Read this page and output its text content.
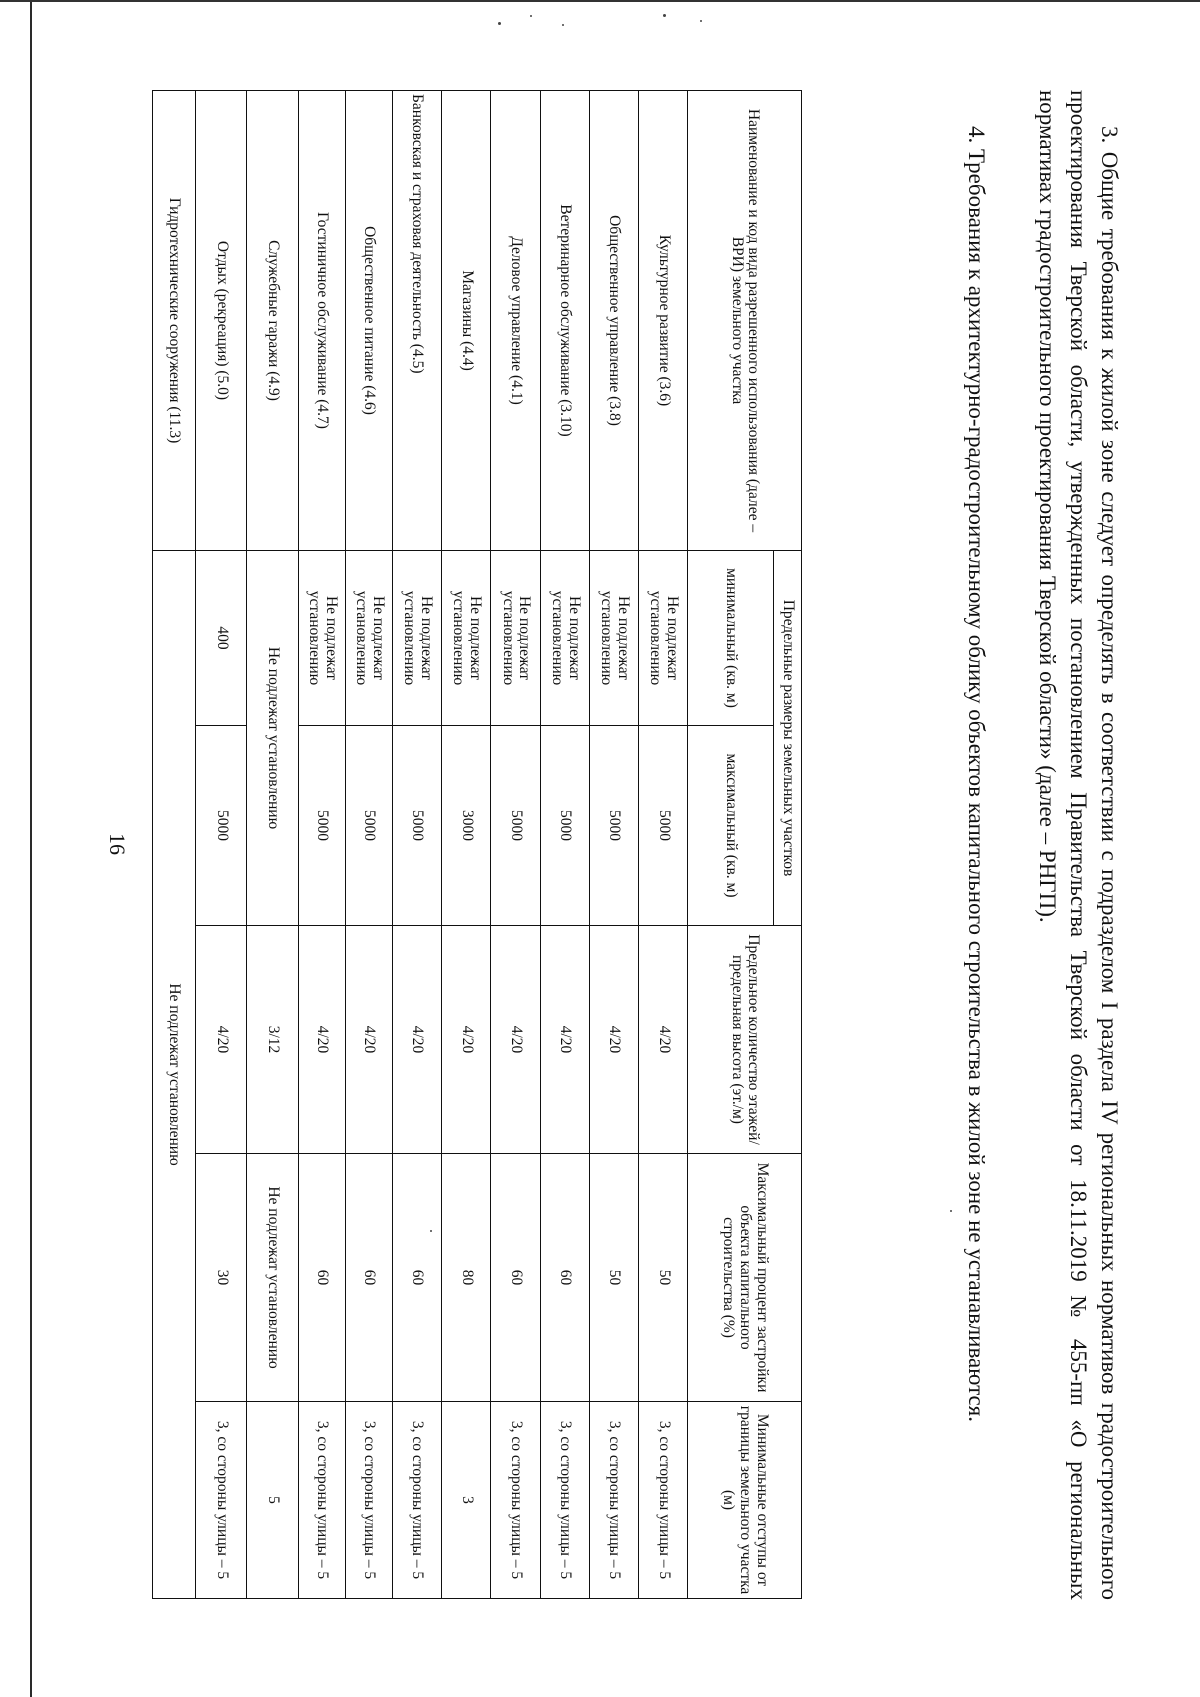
16
Наименование и код вида разрешенного использования (далее – ВРИ) земельного участка	Предельные размеры земельных участков		Предельное количество этажей/ предельная высота (эт./м)	Максимальный процент застройки объекта капитального строительства (%)	Минимальные отступы от границы земельного участка (м)
	минимальный (кв. м)	максимальный (кв. м)			
Культурное развитие (3.6)	Не подлежат установлению	5000	4/20	50	3, со стороны улицы – 5
Общественное управление (3.8)	Не подлежат установлению	5000	4/20	50	3, со стороны улицы – 5
Ветеринарное обслуживание (3.10)	Не подлежат установлению	5000	4/20	60	3, со стороны улицы – 5
Деловое управление (4.1)	Не подлежат установлению	5000	4/20	60	3, со стороны улицы – 5
Магазины (4.4)	Не подлежат установлению	3000	4/20	80	3
Банковская и страховая деятельность (4.5)	Не подлежат установлению	5000	4/20	60	3, со стороны улицы – 5
Общественное питание (4.6)	Не подлежат установлению	5000	4/20	60	3, со стороны улицы – 5
Гостиничное обслуживание (4.7)	Не подлежат установлению	5000	4/20	60	3, со стороны улицы – 5
Служебные гаражи (4.9)	Не подлежат установлению		3/12	Не подлежат установлению	5
Отдых (рекреация) (5.0)	400	5000	4/20	30	3, со стороны улицы – 5
Гидротехнические сооружения (11.3)	Не подлежат установлению					3. Общие требования к жилой зоне следует определять в соответствии с подразделом I раздела IV региональных нормативов градостроительного проектирования Тверской области, утвержденных постановлением Правительства Тверской области от 18.11.2019 № 455-пп «О региональных нормативах градостроительного проектирования Тверской области» (далее – РНГП).

4. Требования к архитектурно-градостроительному облику объектов капитального строительства в жилой зоне не устанавливаются.
